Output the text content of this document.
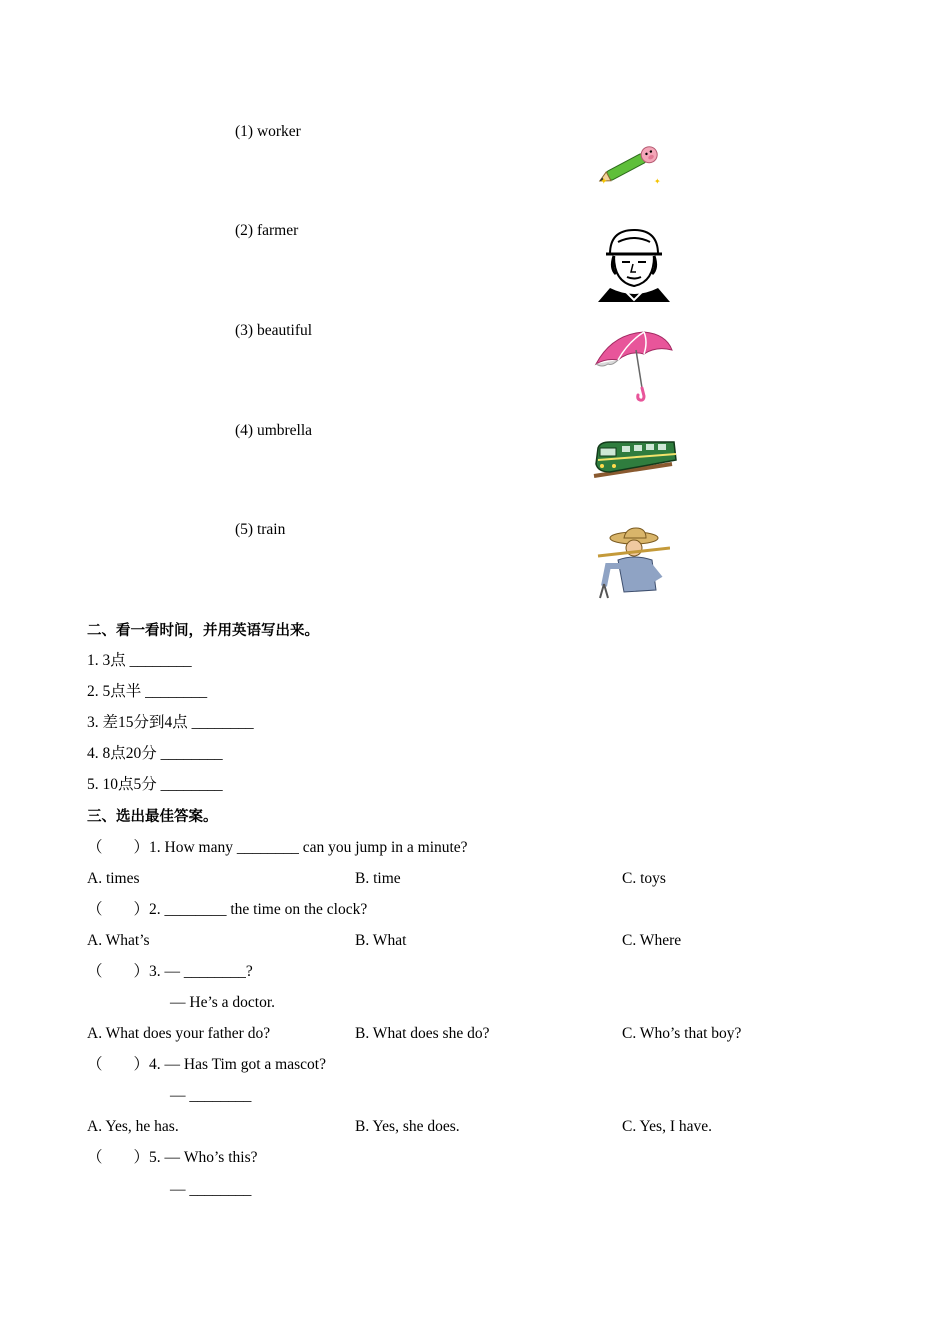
(1) worker
(2) farmer
(3) beautiful
(4) umbrella
(5) train
✦	✦
二、看一看时间，并用英语写出来。
1. 3点 ________
2. 5点半 ________
3. 差15分到4点 ________
4. 8点20分 ________
5. 10点5分 ________
三、选出最佳答案。
（　　）1. How many ________ can you jump in a minute?
A. times	B. time	C. toys
（　　）2. ________ the time on the clock?
A. What’s	B. What	C. Where
（　　）3. — ________?
— He’s a doctor.
A. What does your father do?	B. What does she do?	C. Who’s that boy?
（　　）4. — Has Tim got a mascot?
— ________
A. Yes, he has.	B. Yes, she does.	C. Yes, I have.
（　　）5. — Who’s this?
— ________
